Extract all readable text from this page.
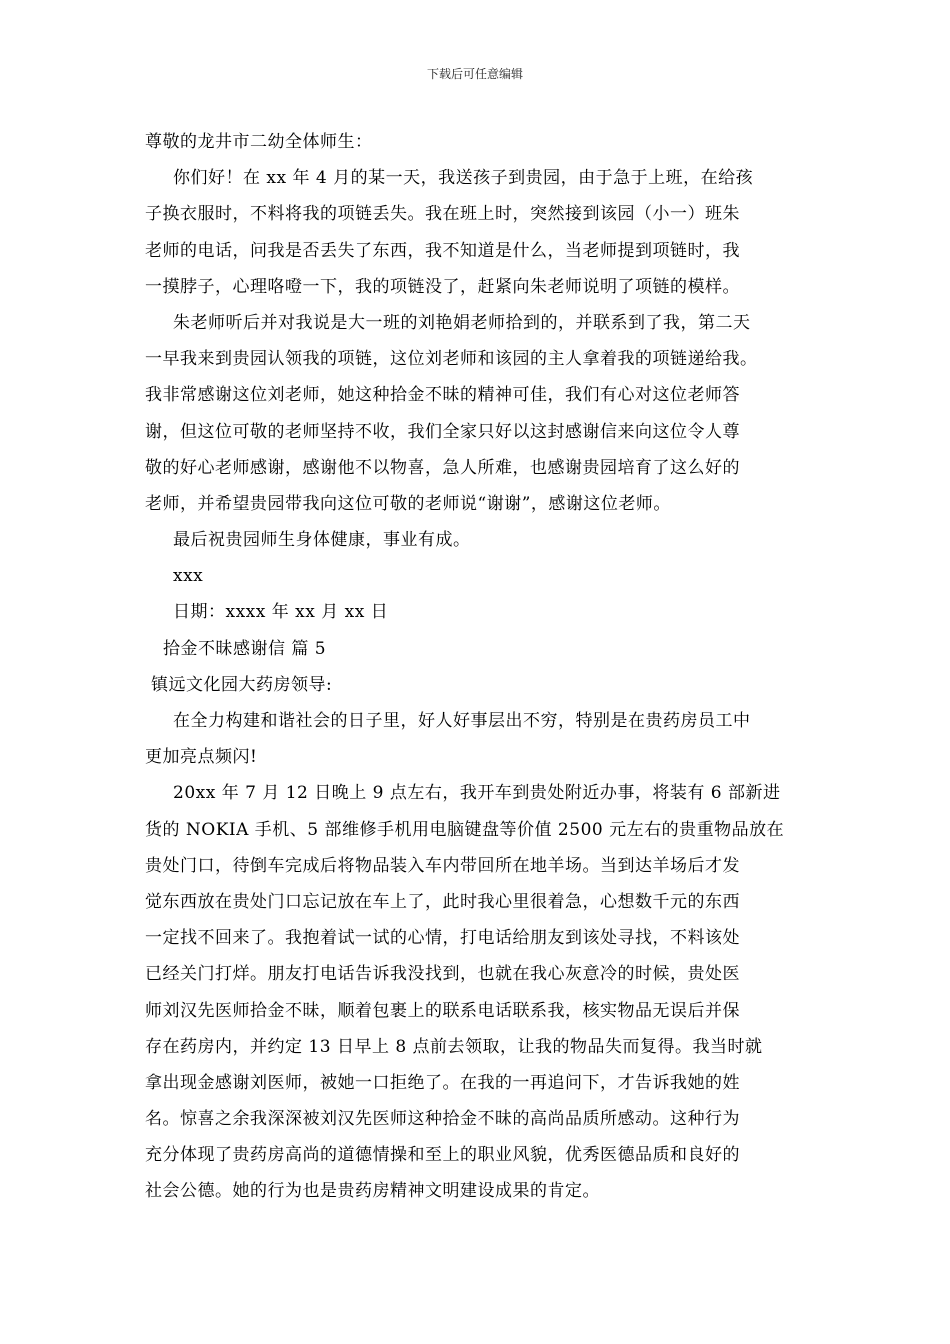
下载后可任意编辑
尊敬的龙井市二幼全体师生：
你们好！在 xx 年 4 月的某一天，我送孩子到贵园，由于急于上班，在给孩
子换衣服时，不料将我的项链丢失。我在班上时，突然接到该园（小一）班朱
老师的电话，问我是否丢失了东西，我不知道是什么，当老师提到项链时，我
一摸脖子，心理咯噔一下，我的项链没了，赶紧向朱老师说明了项链的模样。
朱老师听后并对我说是大一班的刘艳娟老师拾到的，并联系到了我，第二天
一早我来到贵园认领我的项链，这位刘老师和该园的主人拿着我的项链递给我。
我非常感谢这位刘老师，她这种拾金不昧的精神可佳，我们有心对这位老师答
谢，但这位可敬的老师坚持不收，我们全家只好以这封感谢信来向这位令人尊
敬的好心老师感谢，感谢他不以物喜，急人所难，也感谢贵园培育了这么好的
老师，并希望贵园带我向这位可敬的老师说“谢谢”，感谢这位老师。
最后祝贵园师生身体健康，事业有成。
xxx
日期：xxxx 年 xx 月 xx 日
拾金不昧感谢信 篇 5
镇远文化园大药房领导:
在全力构建和谐社会的日子里，好人好事层出不穷，特别是在贵药房员工中
更加亮点频闪!
20xx 年 7 月 12 日晚上 9 点左右，我开车到贵处附近办事，将装有 6 部新进
货的 NOKIA 手机、5 部维修手机用电脑键盘等价值 2500 元左右的贵重物品放在
贵处门口，待倒车完成后将物品装入车内带回所在地羊场。当到达羊场后才发
觉东西放在贵处门口忘记放在车上了，此时我心里很着急，心想数千元的东西
一定找不回来了。我抱着试一试的心情，打电话给朋友到该处寻找，不料该处
已经关门打烊。朋友打电话告诉我没找到，也就在我心灰意冷的时候，贵处医
师刘汉先医师拾金不昧，顺着包裹上的联系电话联系我，核实物品无误后并保
存在药房内，并约定 13 日早上 8 点前去领取，让我的物品失而复得。我当时就
拿出现金感谢刘医师，被她一口拒绝了。在我的一再追问下，才告诉我她的姓
名。惊喜之余我深深被刘汉先医师这种拾金不昧的高尚品质所感动。这种行为
充分体现了贵药房高尚的道德情操和至上的职业风貌，优秀医德品质和良好的
社会公德。她的行为也是贵药房精神文明建设成果的肯定。
